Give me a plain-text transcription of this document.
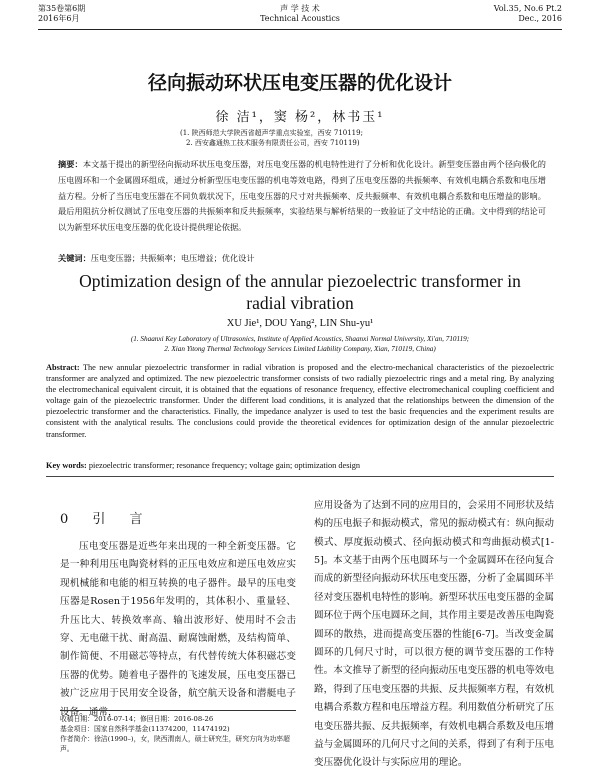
第35卷第6期
2016年6月
声 学 技 术
Technical Acoustics
Vol.35, No.6 Pt.2
Dec., 2016
径向振动环状压电变压器的优化设计
徐 洁¹，窦 杨²，林书玉¹
(1. 陕西师范大学陕西省超声学重点实验室，西安 710119;
2. 西安鑫通热工技术服务有限责任公司，西安 710119)
摘要：本文基于提出的新型径向振动环状压电变压器，对压电变压器的机电特性进行了分析和优化设计。新型变压器由两个径向极化的压电圆环和一个金属圆环组成，通过分析新型压电变压器的机电等效电路，得到了压电变压器的共振频率、有效机电耦合系数和电压增益方程。分析了当压电变压器在不同负载状况下，压电变压器的尺寸对共振频率、反共振频率、有效机电耦合系数和电压增益的影响。最后用阻抗分析仪测试了压电变压器的共振频率和反共振频率，实验结果与解析结果的一致验证了文中结论的正确。文中得到的结论可以为新型环状压电变压器的优化设计提供理论依据。
关键词：压电变压器；共振频率；电压增益；优化设计
Optimization design of the annular piezoelectric transformer in radial vibration
XU Jie¹, DOU Yang², LIN Shu-yu¹
(1. Shaanxi Key Laboratory of Ultrasonics, Institute of Applied Acoustics, Shaanxi Normal University, Xi'an, 710119;
2. Xian Yitong Thermal Technology Services Limited Liability Company, Xian, 710119, China)
Abstract: The new annular piezoelectric transformer in radial vibration is proposed and the electro-mechanical characteristics of the piezoelectric transformer are analyzed and optimized. The new piezoelectric transformer consists of two radially piezoelectric rings and a metal ring. By analyzing the electromechanical equivalent circuit, it is obtained that the equations of resonance frequency, effective electromechanical coupling coefficient and voltage gain of the piezoelectric transformer. Under the different load conditions, it is analyzed that the relationships between the dimension of the piezoelectric transformer and the characteristics. Finally, the impedance analyzer is used to test the basic frequencies and the experiment results are consistent with the analytical results. The conclusions could provide the theoretical evidences for optimization design of the annular piezoelectric transformer.
Key words: piezoelectric transformer; resonance frequency; voltage gain; optimization design
0 引 言
压电变压器是近些年来出现的一种全新变压器。它是一种利用压电陶瓷材料的正压电效应和逆压电效应实现机械能和电能的相互转换的电子器件。最早的压电变压器是Rosen于1956年发明的，其体积小、重量轻、升压比大、转换效率高、输出波形好、使用时不会击穿、无电磁干扰、耐高温、耐腐蚀耐燃，及结构简单、制作简便、不用磁芯等特点，有代替传统大体积磁芯变压器的优势。随着电子器件的飞速发展，压电变压器已被广泛应用于民用安全设备，航空航天设备和潜艇电子设备。通常，
应用设备为了达到不同的应用目的，会采用不同形状及结构的压电振子和振动模式，常见的振动模式有：纵向振动模式、厚度振动模式、径向振动模式和弯曲振动模式[1-5]。 本文基于由两个压电圆环与一个金属圆环在径向复合而成的新型径向振动环状压电变压器，分析了金属圆环半径对变压器机电特性的影响。新型环状压电变压器的金属圆环位于两个压电圆环之间，其作用主要是改善压电陶瓷圆环的散热，进而提高变压器的性能[6-7]。当改变金属圆环的几何尺寸时，可以很方便的调节变压器的工作特性。本文推导了新型的径向振动压电变压器的机电等效电路，得到了压电变压器的共振、反共振频率方程，有效机电耦合系数方程和电压增益方程。利用数值分析研究了压电变压器共振、反共振频率，有效机电耦合系数及电压增益与金属圆环的几何尺寸之间的关系，得到了有利于压电变压器优化设计与实际应用的理论。
收稿日期：2016-07-14；修回日期：2016-08-26
基金项目：国家自然科学基金(11374200，11474192)
作者简介：徐洁(1990–)，女，陕西渭南人，硕士研究生，研究方向为功率超声。
